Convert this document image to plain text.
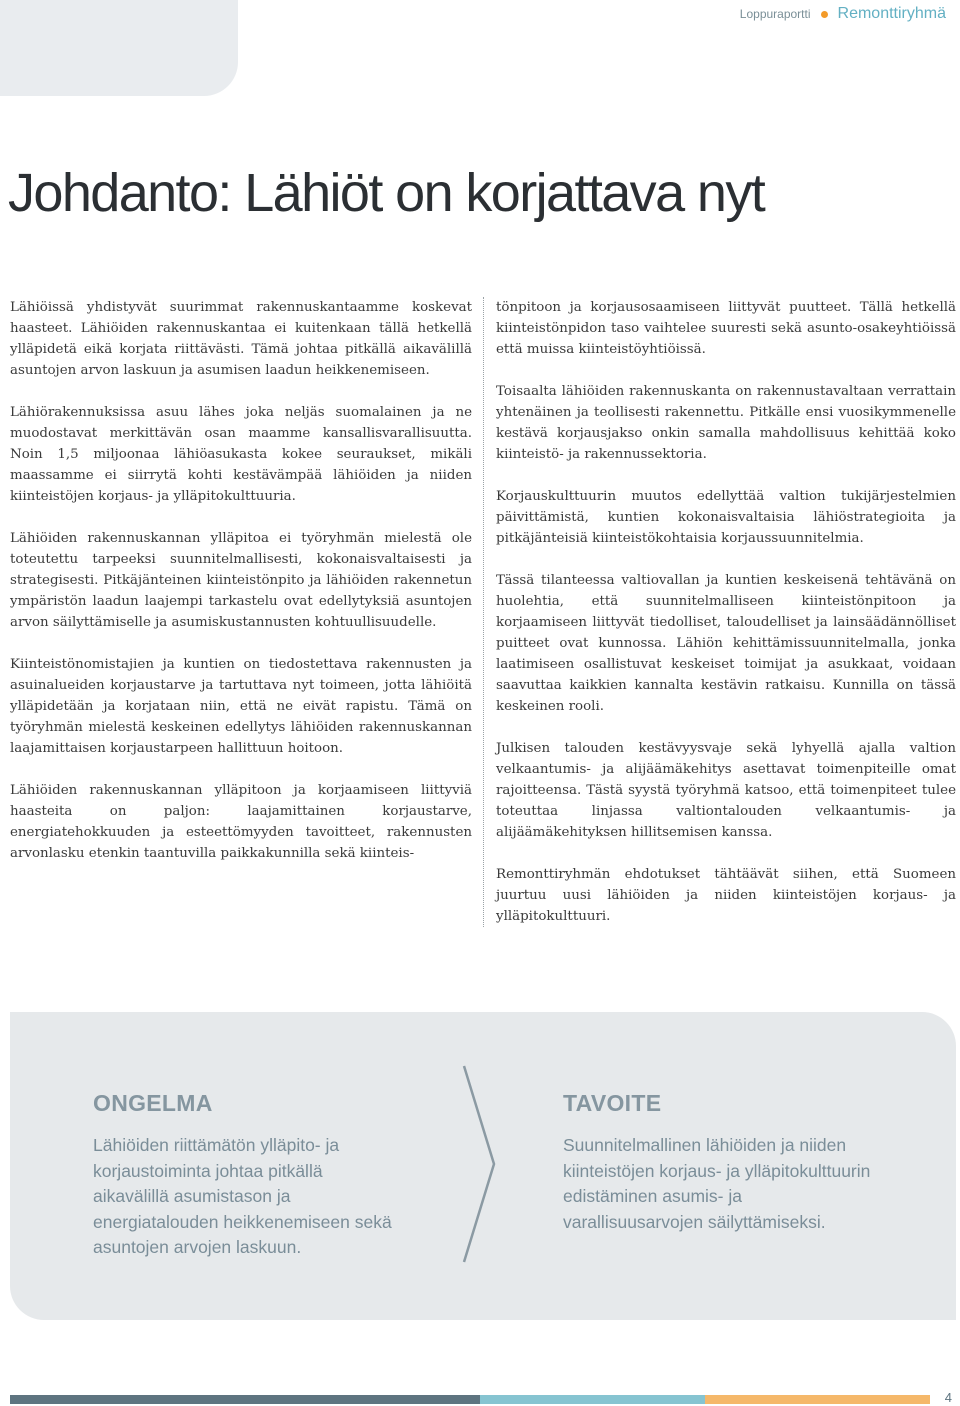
Loppuraportti Remonttiryhmä
Johdanto: Lähiöt on korjattava nyt

Lähiöissä yhdistyvät suurimmat rakennuskantaamme koskevat haasteet. Lähiöiden rakennuskantaa ei kuitenkaan tällä hetkellä ylläpidetä eikä korjata riittävästi. Tämä johtaa pitkällä aikavälillä asuntojen arvon laskuun ja asumisen laadun heikkenemiseen.

Lähiörakennuksissa asuu lähes joka neljäs suomalainen ja ne muodostavat merkittävän osan maamme kansallisvarallisuutta. Noin 1,5 miljoonaa lähiöasukasta kokee seuraukset, mikäli maassamme ei siirrytä kohti kestävämpää lähiöiden ja niiden kiinteistöjen korjaus- ja ylläpitokulttuuria.

Lähiöiden rakennuskannan ylläpitoa ei työryhmän mielestä ole toteutettu tarpeeksi suunnitelmallisesti, kokonaisvaltaisesti ja strategisesti. Pitkäjänteinen kiinteistönpito ja lähiöiden rakennetun ympäristön laadun laajempi tarkastelu ovat edellytyksiä asuntojen arvon säilyttämiselle ja asumiskustannusten kohtuullisuudelle.

Kiinteistönomistajien ja kuntien on tiedostettava rakennusten ja asuinalueiden korjaustarve ja tartuttava nyt toimeen, jotta lähiöitä ylläpidetään ja korjataan niin, että ne eivät rapistu. Tämä on työryhmän mielestä keskeinen edellytys lähiöiden rakennuskannan laajamittaisen korjaustarpeen hallittuun hoitoon.

Lähiöiden rakennuskannan ylläpitoon ja korjaamiseen liittyviä haasteita on paljon: laajamittainen korjaustarve, energiatehokkuuden ja esteettömyyden tavoitteet, rakennusten arvonlasku etenkin taantuvilla paikkakunnilla sekä kiinteis-

tönpitoon ja korjausosaamiseen liittyvät puutteet. Tällä hetkellä kiinteistönpidon taso vaihtelee suuresti sekä asunto-osakeyhtiöissä että muissa kiinteistöyhtiöissä.

Toisaalta lähiöiden rakennuskanta on rakennustavaltaan verrattain yhtenäinen ja teollisesti rakennettu. Pitkälle ensi vuosikymmenelle kestävä korjausjakso onkin samalla mahdollisuus kehittää koko kiinteistö- ja rakennussektoria.

Korjauskulttuurin muutos edellyttää valtion tukijärjestelmien päivittämistä, kuntien kokonaisvaltaisia lähiöstrategioita ja pitkäjänteisiä kiinteistökohtaisia korjaussuunnitelmia.

Tässä tilanteessa valtiovallan ja kuntien keskeisenä tehtävänä on huolehtia, että suunnitelmalliseen kiinteistönpitoon ja korjaamiseen liittyvät tiedolliset, taloudelliset ja lainsäädännölliset puitteet ovat kunnossa. Lähiön kehittämissuunnitelmalla, jonka laatimiseen osallistuvat keskeiset toimijat ja asukkaat, voidaan saavuttaa kaikkien kannalta kestävin ratkaisu. Kunnilla on tässä keskeinen rooli.

Julkisen talouden kestävyysvaje sekä lyhyellä ajalla valtion velkaantumis- ja alijäämäkehitys asettavat toimenpiteille omat rajoitteensa. Tästä syystä työryhmä katsoo, että toimenpiteet tulee toteuttaa linjassa valtiontalouden velkaantumis- ja alijäämäkehityksen hillitsemisen kanssa.

Remonttiryhmän ehdotukset tähtäävät siihen, että Suomeen juurtuu uusi lähiöiden ja niiden kiinteistöjen korjaus- ja ylläpitokulttuuri.

ONGELMA

Lähiöiden riittämätön ylläpito- ja korjaustoiminta johtaa pitkällä aikavälillä asumistason ja energiatalouden heikkenemiseen sekä asuntojen arvojen laskuun.

TAVOITE

Suunnitelmallinen lähiöiden ja niiden kiinteistöjen korjaus- ja ylläpitokulttuurin edistäminen asumis- ja varallisuusarvojen säilyttämiseksi.

4
